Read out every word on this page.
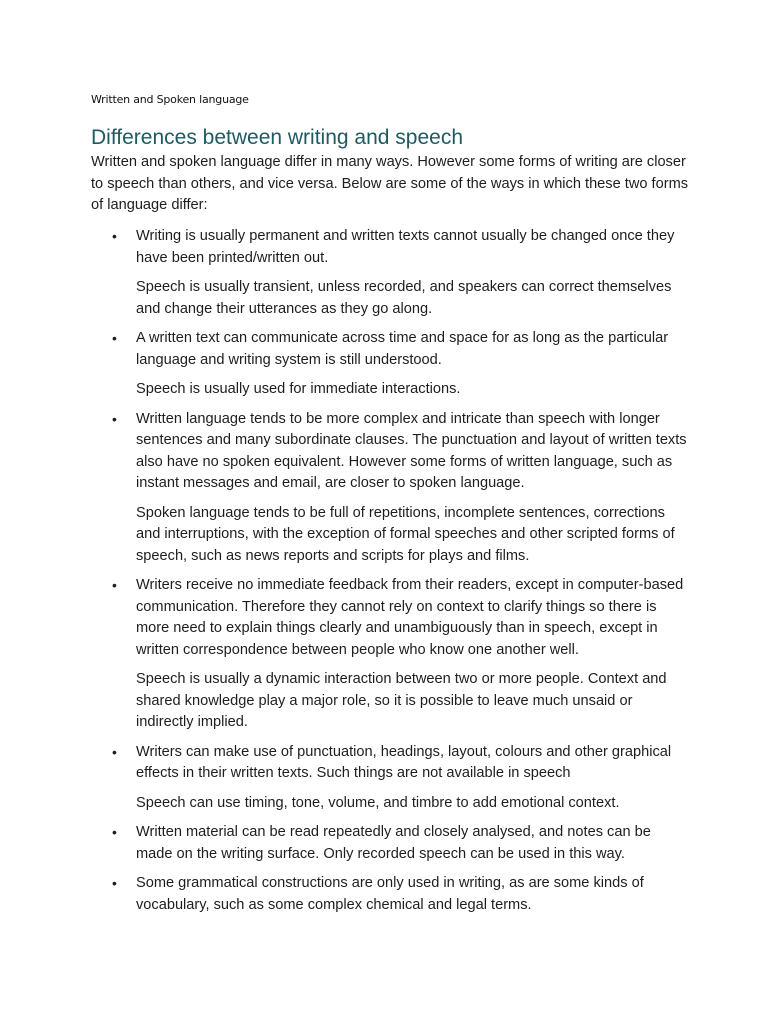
Written and Spoken language
Differences between writing and speech

Written and spoken language differ in many ways. However some forms of writing are closer to speech than others, and vice versa. Below are some of the ways in which these two forms of language differ:

• Writing is usually permanent and written texts cannot usually be changed once they have been printed/written out.

Speech is usually transient, unless recorded, and speakers can correct themselves and change their utterances as they go along.

• A written text can communicate across time and space for as long as the particular language and writing system is still understood.

Speech is usually used for immediate interactions.

• Written language tends to be more complex and intricate than speech with longer sentences and many subordinate clauses. The punctuation and layout of written texts also have no spoken equivalent. However some forms of written language, such as instant messages and email, are closer to spoken language.

Spoken language tends to be full of repetitions, incomplete sentences, corrections and interruptions, with the exception of formal speeches and other scripted forms of speech, such as news reports and scripts for plays and films.

• Writers receive no immediate feedback from their readers, except in computer-based communication. Therefore they cannot rely on context to clarify things so there is more need to explain things clearly and unambiguously than in speech, except in written correspondence between people who know one another well.

Speech is usually a dynamic interaction between two or more people. Context and shared knowledge play a major role, so it is possible to leave much unsaid or indirectly implied.

• Writers can make use of punctuation, headings, layout, colours and other graphical effects in their written texts. Such things are not available in speech

Speech can use timing, tone, volume, and timbre to add emotional context.

• Written material can be read repeatedly and closely analysed, and notes can be made on the writing surface. Only recorded speech can be used in this way.

• Some grammatical constructions are only used in writing, as are some kinds of vocabulary, such as some complex chemical and legal terms.
